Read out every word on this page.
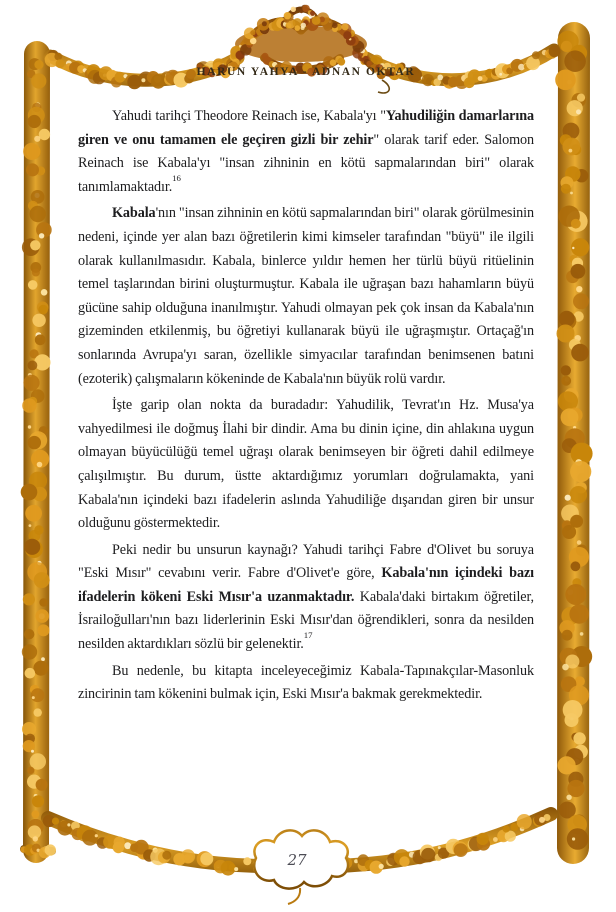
HARUN YAHYA - ADNAN OKTAR

Yahudi tarihçi Theodore Reinach ise, Kabala'yı "Yahudiliğin damarlarına giren ve onu tamamen ele geçiren gizli bir zehir" olarak tarif eder. Salomon Reinach ise Kabala'yı "insan zihninin en kötü sapmalarından biri" olarak tanımlamaktadır.$^{16}$

Kabala'nın "insan zihninin en kötü sapmalarından biri" olarak görülmesinin nedeni, içinde yer alan bazı öğretilerin kimi kimseler tarafından "büyü" ile ilgili olarak kullanılmasıdır. Kabala, binlerce yıldır hemen her türlü büyü ritüelinin temel taşlarından birini oluşturmuştur. Kabala ile uğraşan bazı hahamların büyü gücüne sahip olduğuna inanılmıştır. Yahudi olmayan pek çok insan da Kabala'nın gizeminden etkilenmiş, bu öğretiyi kullanarak büyü ile uğraşmıştır. Ortaçağ'ın sonlarında Avrupa'yı saran, özellikle simyacılar tarafından benimsenen batıni (ezoterik) çalışmaların kökeninde de Kabala'nın büyük rolü vardır.

İşte garip olan nokta da buradadır: Yahudilik, Tevrat'ın Hz. Musa'ya vahyedilmesi ile doğmuş İlahi bir dindir. Ama bu dinin içine, din ahlakına uygun olmayan büyücülüğü temel uğraşı olarak benimseyen bir öğreti dahil edilmeye çalışılmıştır. Bu durum, üstte aktardığımız yorumları doğrulamakta, yani Kabala'nın içindeki bazı ifadelerin aslında Yahudiliğe dışarıdan giren bir unsur olduğunu göstermektedir.

Peki nedir bu unsurun kaynağı? Yahudi tarihçi Fabre d'Olivet bu soruya "Eski Mısır" cevabını verir. Fabre d'Olivet'e göre, Kabala'nın içindeki bazı ifadelerin kökeni Eski Mısır'a uzanmaktadır. Kabala'daki birtakım öğretiler, İsrailoğulları'nın bazı liderlerinin Eski Mısır'dan öğrendikleri, sonra da nesilden nesilden aktardıkları sözlü bir gelenektir.$^{17}$

Bu nedenle, bu kitapta inceleyeceğimiz Kabala-Tapınakçılar-Masonluk zincirinin tam kökenini bulmak için, Eski Mısır'a bakmak gerekmektedir.

27
